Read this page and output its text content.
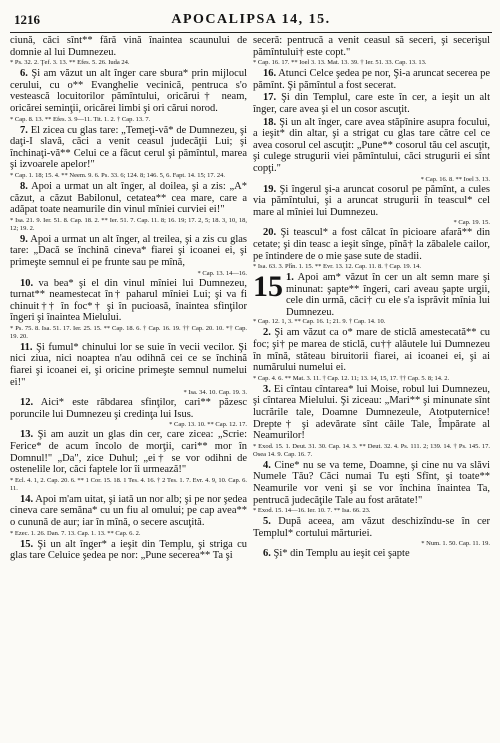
1216	APOCALIPSA 14, 15.

ciună, căci sînt** fără vină înaintea scaunului de domnie al lui Dumnezeu.

* Ps. 32. 2. Ţef. 3. 13. ** Efes. 5. 26. Iuda 24.

6. Şi am văzut un alt înger care sbura* prin mijlocul cerului, cu o** Evanghelie vecinică, pentruca s'o vestească locuitorilor pămîntului, oricărui† neam, oricărei seminţii, oricărei limbi şi ori cărui norod.

* Cap. 8. 13. ** Efes. 3. 9—11. Tit. 1. 2. † Cap. 13. 7.

7. El zicea cu glas tare: „Temeţi-vă* de Dumnezeu, şi daţi-I slavă, căci a venit ceasul judecăţii Lui; şi închinaţi-vă** Celui ce a făcut cerul şi pămîntul, marea şi izvoarele apelor!"

* Cap. 1. 18; 15. 4. ** Neem. 9. 6. Ps. 33. 6; 124. 8; 146. 5, 6. Fapt. 14. 15; 17. 24.

8. Apoi a urmat un alt înger, al doilea, şi a zis: „A* căzut, a căzut Babilonul, cetatea** cea mare, care a adăpat toate neamurile din vinul mîniei curviei ei!"

* Isa. 21. 9. Ier. 51. 8. Cap. 18. 2. ** Ier. 51. 7. Cap. 11. 8; 16. 19; 17. 2, 5; 18. 3, 10, 18, 12; 19. 2.

9. Apoi a urmat un alt înger, al treilea, şi a zis cu glas tare: „Dacă se închină cineva* fiarei şi icoanei ei, şi primeşte semnul ei pe frunte sau pe mînă,

* Cap. 13. 14—16.

10. va bea* şi el din vinul mîniei lui Dumnezeu, turnat** neamestecat în† paharul mîniei Lui; şi va fi chinuit†† în foc*† şi în pucioasă, înaintea sfinţilor îngeri şi înaintea Mielului.

* Ps. 75. 8. Isa. 51. 17. Ier. 25. 15. ** Cap. 18. 6. † Cap. 16. 19. †† Cap. 20. 10. *† Cap. 19. 20.

11. Şi fumul* chinului lor se suie în vecii vecilor. Şi nici ziua, nici noaptea n'au odihnă cei ce se închină fiarei şi icoanei ei, şi oricine primeşte semnul numelui ei!"

* Isa. 34. 10. Cap. 19. 3.

12. Aici* este răbdarea sfinţilor, cari** păzesc poruncile lui Dumnezeu şi credinţa lui Isus.

* Cap. 13. 10. ** Cap. 12. 17.

13. Şi am auzit un glas din cer, care zicea: „Scrie: Ferice* de acum încolo de morţii, cari** mor în Domnul!" „Da", zice Duhul; „ei† se vor odihni de ostenelile lor, căci faptele lor îi urmează!"

* Ecl. 4. 1, 2. Cap. 20. 6. ** 1 Cor. 15. 18. 1 Tes. 4. 16. † 2 Tes. 1. 7. Evr. 4. 9, 10. Cap. 6. 11.

14. Apoi m'am uitat, şi iată un nor alb; şi pe nor şedea cineva care semăna* cu un fiu al omului; pe cap avea** o cunună de aur; iar în mînă, o secere ascuţită.

* Ezec. 1. 26. Dan. 7. 13. Cap. 1. 13. ** Cap. 6. 2.

15. Şi un alt înger* a ieşit din Templu, şi striga cu glas tare Celuice şedea pe nor: „Pune secerea** Ta şi

seceră: pentrucă a venit ceasul să seceri, şi secerişul pămîntului† este copt."

* Cap. 16. 17. ** Ioel 3. 13. Mat. 13. 39. † Ier. 51. 33. Cap. 13. 13.

16. Atunci Celce şedea pe nor, Şi-a aruncat secerea pe pămînt. Şi pămîntul a fost secerat.

17. Şi din Templul, care este în cer, a ieşit un alt înger, care avea şi el un cosor ascuţit.

18. Şi un alt înger, care avea stăpînire asupra focului, a ieşit* din altar, şi a strigat cu glas tare către cel ce avea cosorul cel ascuţit: „Pune** cosorul tău cel ascuţit, şi culege strugurii viei pămîntului, căci strugurii ei sînt copţi."

* Cap. 16. 8. ** Ioel 3. 13.

19. Şi îngerul şi-a aruncat cosorul pe pămînt, a cules via pămîntului, şi a aruncat strugurii în teascul* cel mare al mîniei lui Dumnezeu.

* Cap. 19. 15.

20. Şi teascul* a fost călcat în picioare afară** din cetate; şi din teasc a ieşit sînge, pînă† la zăbalele cailor, pe întindere de o mie şase sute de stadii.

* Isa. 63. 3. Plîn. 1. 15. ** Evr. 13. 12. Cap. 11. 8. † Cap. 19. 14.

15 1. Apoi am* văzut în cer un alt semn mare şi minunat: şapte** îngeri, cari aveau şapte urgii, cele din urmă, căci† cu ele s'a isprăvit mînia lui Dumnezeu.

* Cap. 12. 1, 3. ** Cap. 16. 1; 21. 9. † Cap. 14. 10.

2. Şi am văzut ca o* mare de sticlă amestecată** cu foc; şi† pe marea de sticlă, cu†† alăutele lui Dumnezeu în mînă, stăteau biruitorii fiarei, ai icoanei ei, şi ai numărului numelui ei.

* Cap. 4. 6. ** Mat. 3. 11. † Cap. 12. 11; 13. 14, 15, 17. †† Cap. 5. 8; 14. 2.

3. Ei cîntau cîntarea* lui Moise, robul lui Dumnezeu, şi cîntarea Mielului. Şi ziceau: „Mari** şi minunate sînt lucrările tale, Doamne Dumnezeule, Atotputernice! Drepte† şi adevărate sînt căile Tale, Împărate al Neamurilor!

* Exod. 15. 1. Deut. 31. 30. Cap. 14. 3. ** Deut. 32. 4. Ps. 111. 2; 139. 14. † Ps. 145. 17. Osea 14. 9. Cap. 16. 7.

4. Cine* nu se va teme, Doamne, şi cine nu va slăvi Numele Tău? Căci numai Tu eşti Sfînt, şi toate** Neamurile vor veni şi se vor închina înaintea Ta, pentrucă judecăţile Tale au fost arătate!"

* Exod. 15. 14—16. Ier. 10. 7. ** Isa. 66. 23.

5. După aceea, am văzut deschizîndu-se în cer Templul* cortului mărturiei.

* Num. 1. 50. Cap. 11. 19.

6. Şi* din Templu au ieşit cei şapte
